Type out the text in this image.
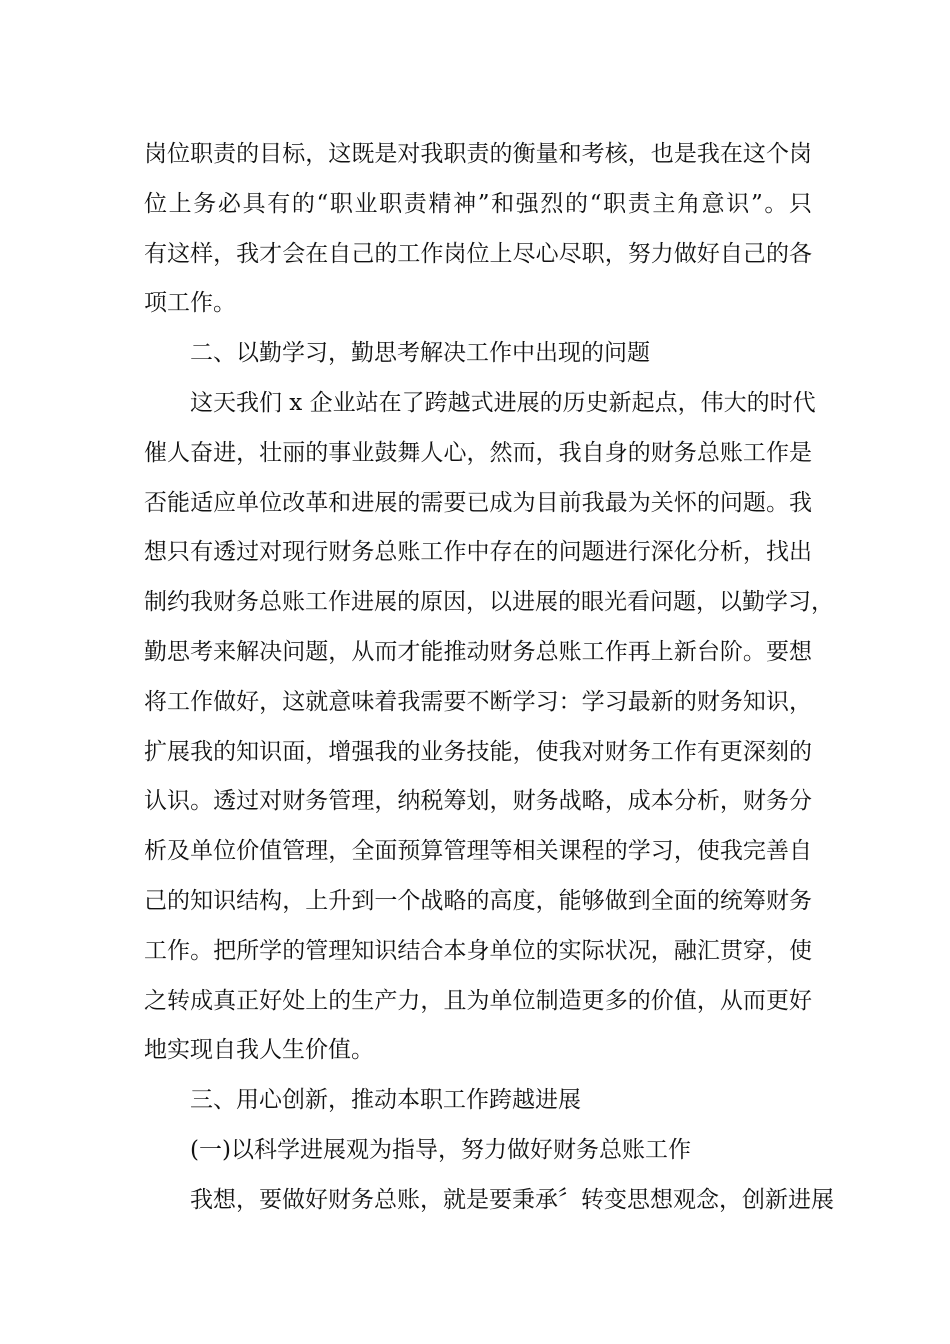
岗位职责的目标，这既是对我职责的衡量和考核，也是我在这个岗
位上务必具有的“职业职责精神”和强烈的“职责主角意识”。只
有这样，我才会在自己的工作岗位上尽心尽职，努力做好自己的各
项工作。
二、以勤学习，勤思考解决工作中出现的问题
这天我们 x 企业站在了跨越式进展的历史新起点，伟大的时代
催人奋进，壮丽的事业鼓舞人心，然而，我自身的财务总账工作是
否能适应单位改革和进展的需要已成为目前我最为关怀的问题。我
想只有透过对现行财务总账工作中存在的问题进行深化分析，找出
制约我财务总账工作进展的原因，以进展的眼光看问题，以勤学习，
勤思考来解决问题，从而才能推动财务总账工作再上新台阶。要想
将工作做好，这就意味着我需要不断学习：学习最新的财务知识，
扩展我的知识面，增强我的业务技能，使我对财务工作有更深刻的
认识。透过对财务管理，纳税筹划，财务战略，成本分析，财务分
析及单位价值管理，全面预算管理等相关课程的学习，使我完善自
己的知识结构，上升到一个战略的高度，能够做到全面的统筹财务
工作。把所学的管理知识结合本身单位的实际状况，融汇贯穿，使
之转成真正好处上的生产力，且为单位制造更多的价值，从而更好
地实现自我人生价值。
三、用心创新，推动本职工作跨越进展
(一)以科学进展观为指导，努力做好财务总账工作
我想，要做好财务总账，就是要秉承〞转变思想观念，创新进展
